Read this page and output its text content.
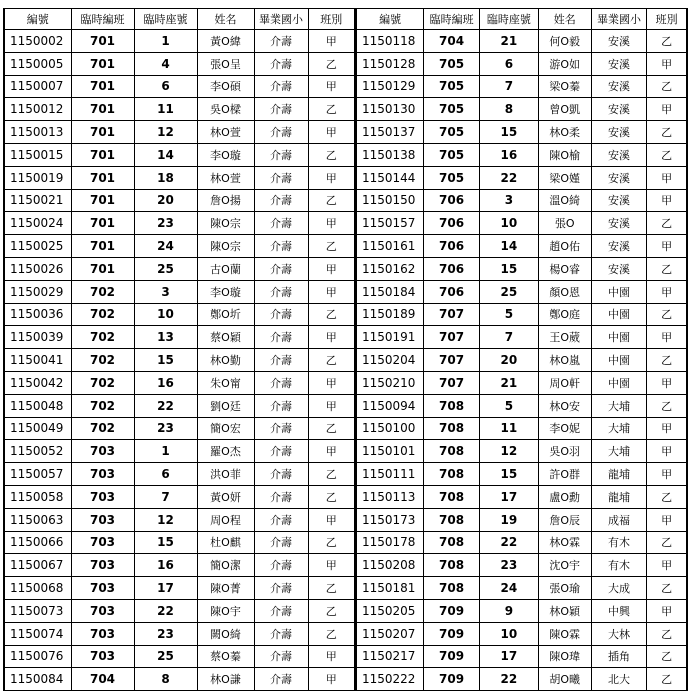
編號	臨時編班	臨時座號	姓名	畢業國小	班別
1150002	701	1	黃O緯	介壽	甲
1150005	701	4	張O呈	介壽	乙
1150007	701	6	李O碩	介壽	甲
1150012	701	11	吳O樑	介壽	乙
1150013	701	12	林O萱	介壽	甲
1150015	701	14	李O璇	介壽	乙
1150019	701	18	林O萱	介壽	甲
1150021	701	20	詹O揚	介壽	乙
1150024	701	23	陳O宗	介壽	甲
1150025	701	24	陳O宗	介壽	乙
1150026	701	25	古O蘭	介壽	甲
1150029	702	3	李O璇	介壽	甲
1150036	702	10	鄭O圻	介壽	乙
1150039	702	13	蔡O穎	介壽	甲
1150041	702	15	林O勤	介壽	乙
1150042	702	16	朱O甯	介壽	甲
1150048	702	22	劉O廷	介壽	甲
1150049	702	23	簡O宏	介壽	乙
1150052	703	1	羅O杰	介壽	甲
1150057	703	6	洪O菲	介壽	乙
1150058	703	7	黃O妍	介壽	乙
1150063	703	12	周O程	介壽	甲
1150066	703	15	杜O麒	介壽	乙
1150067	703	16	簡O潔	介壽	甲
1150068	703	17	陳O菁	介壽	乙
1150073	703	22	陳O宇	介壽	乙
1150074	703	23	闕O綺	介壽	乙
1150076	703	25	蔡O蓁	介壽	甲
1150084	704	8	林O謙	介壽	甲
編號	臨時編班	臨時座號	姓名	畢業國小	班別
1150118	704	21	何O毅	安溪	乙
1150128	705	6	游O如	安溪	甲
1150129	705	7	梁O蓁	安溪	乙
1150130	705	8	曾O凱	安溪	甲
1150137	705	15	林O柔	安溪	乙
1150138	705	16	陳O榆	安溪	乙
1150144	705	22	梁O嫤	安溪	甲
1150150	706	3	溫O綺	安溪	甲
1150157	706	10	張O	安溪	乙
1150161	706	14	趙O佑	安溪	甲
1150162	706	15	楊O睿	安溪	乙
1150184	706	25	顏O恩	中園	甲
1150189	707	5	鄭O庭	中園	乙
1150191	707	7	王O葳	中園	甲
1150204	707	20	林O嵐	中園	乙
1150210	707	21	周O軒	中園	甲
1150094	708	5	林O安	大埔	乙
1150100	708	11	李O妮	大埔	甲
1150101	708	12	吳O羽	大埔	甲
1150111	708	15	許O群	龍埔	甲
1150113	708	17	盧O勳	龍埔	乙
1150173	708	19	詹O辰	成福	甲
1150178	708	22	林O霖	有木	乙
1150208	708	23	沈O宇	有木	甲
1150181	708	24	張O瑜	大成	乙
1150205	709	9	林O穎	中興	甲
1150207	709	10	陳O霖	大林	乙
1150217	709	17	陳O瑋	插角	乙
1150222	709	22	胡O曦	北大	乙
